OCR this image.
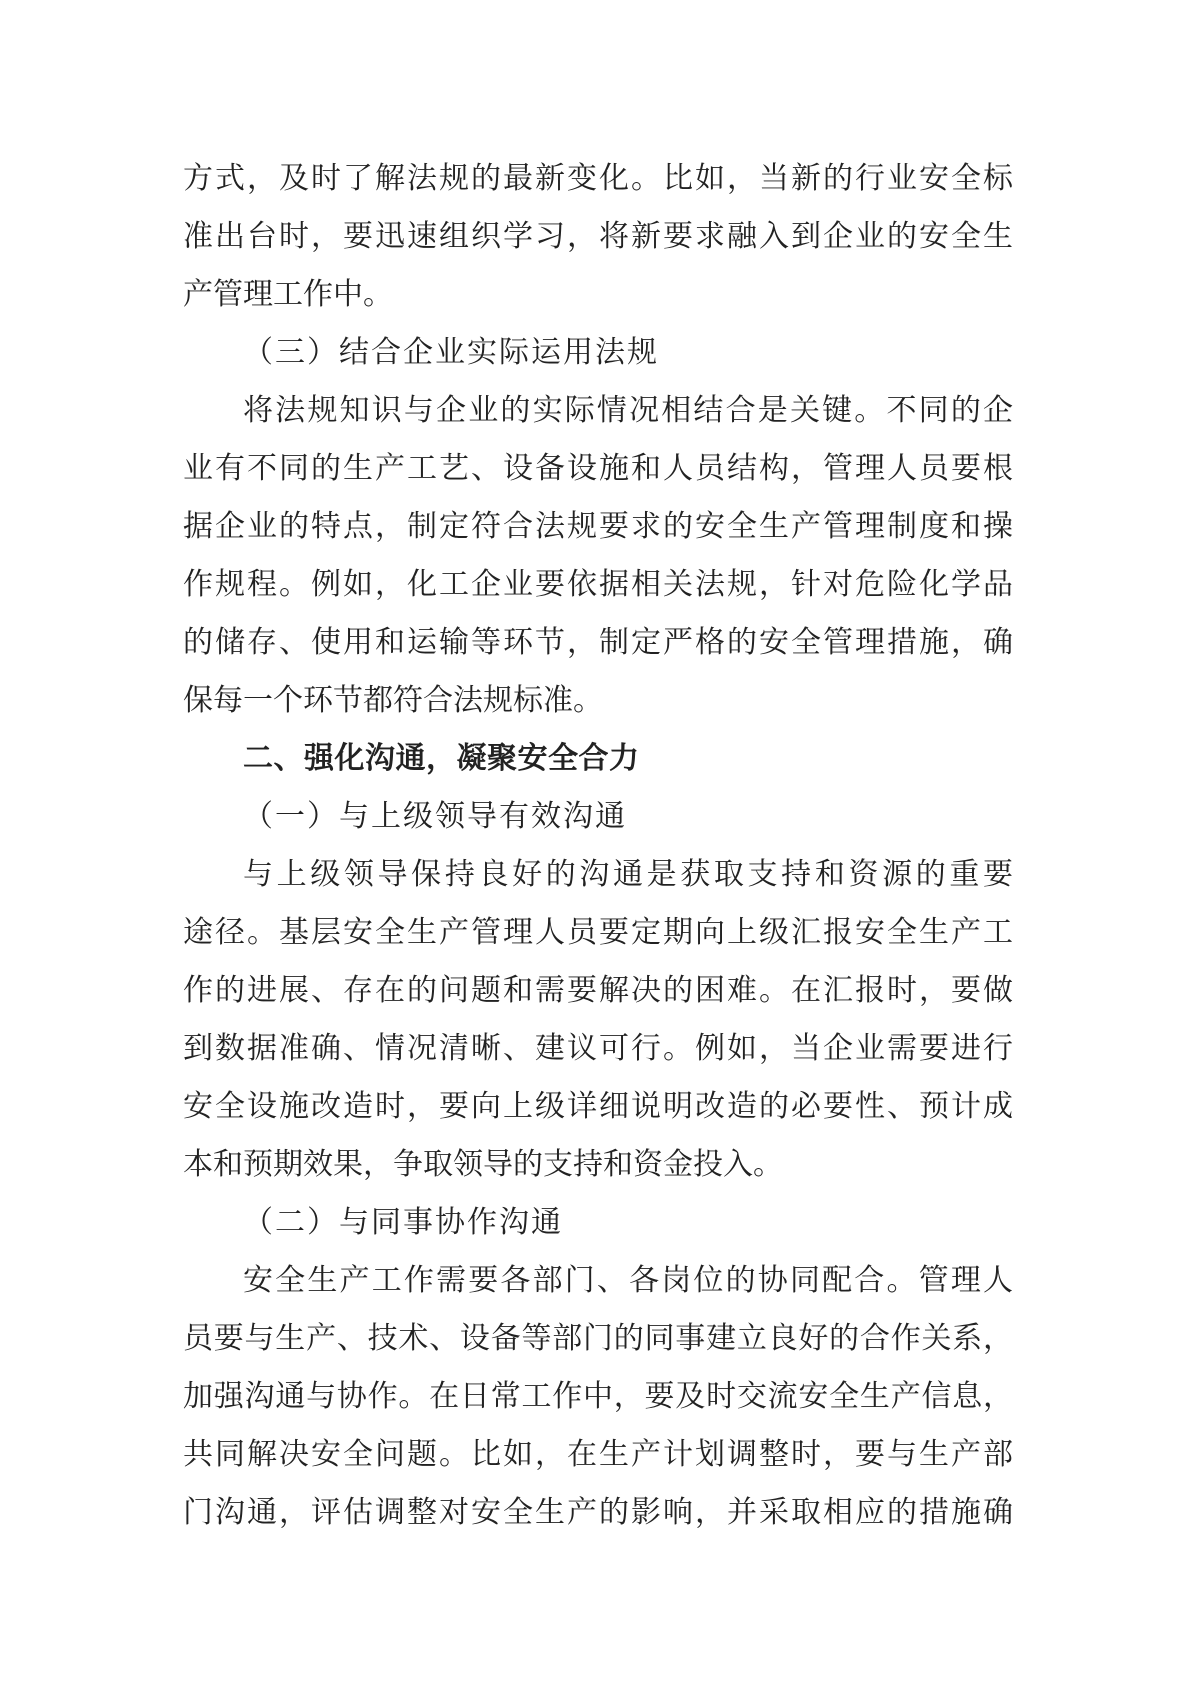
方式，及时了解法规的最新变化。比如，当新的行业安全标
准出台时，要迅速组织学习，将新要求融入到企业的安全生
产管理工作中。
（三）结合企业实际运用法规
将法规知识与企业的实际情况相结合是关键。不同的企
业有不同的生产工艺、设备设施和人员结构，管理人员要根
据企业的特点，制定符合法规要求的安全生产管理制度和操
作规程。例如，化工企业要依据相关法规，针对危险化学品
的储存、使用和运输等环节，制定严格的安全管理措施，确
保每一个环节都符合法规标准。
二、强化沟通，凝聚安全合力
（一）与上级领导有效沟通
与上级领导保持良好的沟通是获取支持和资源的重要
途径。基层安全生产管理人员要定期向上级汇报安全生产工
作的进展、存在的问题和需要解决的困难。在汇报时，要做
到数据准确、情况清晰、建议可行。例如，当企业需要进行
安全设施改造时，要向上级详细说明改造的必要性、预计成
本和预期效果，争取领导的支持和资金投入。
（二）与同事协作沟通
安全生产工作需要各部门、各岗位的协同配合。管理人
员要与生产、技术、设备等部门的同事建立良好的合作关系，
加强沟通与协作。在日常工作中，要及时交流安全生产信息，
共同解决安全问题。比如，在生产计划调整时，要与生产部
门沟通，评估调整对安全生产的影响，并采取相应的措施确
